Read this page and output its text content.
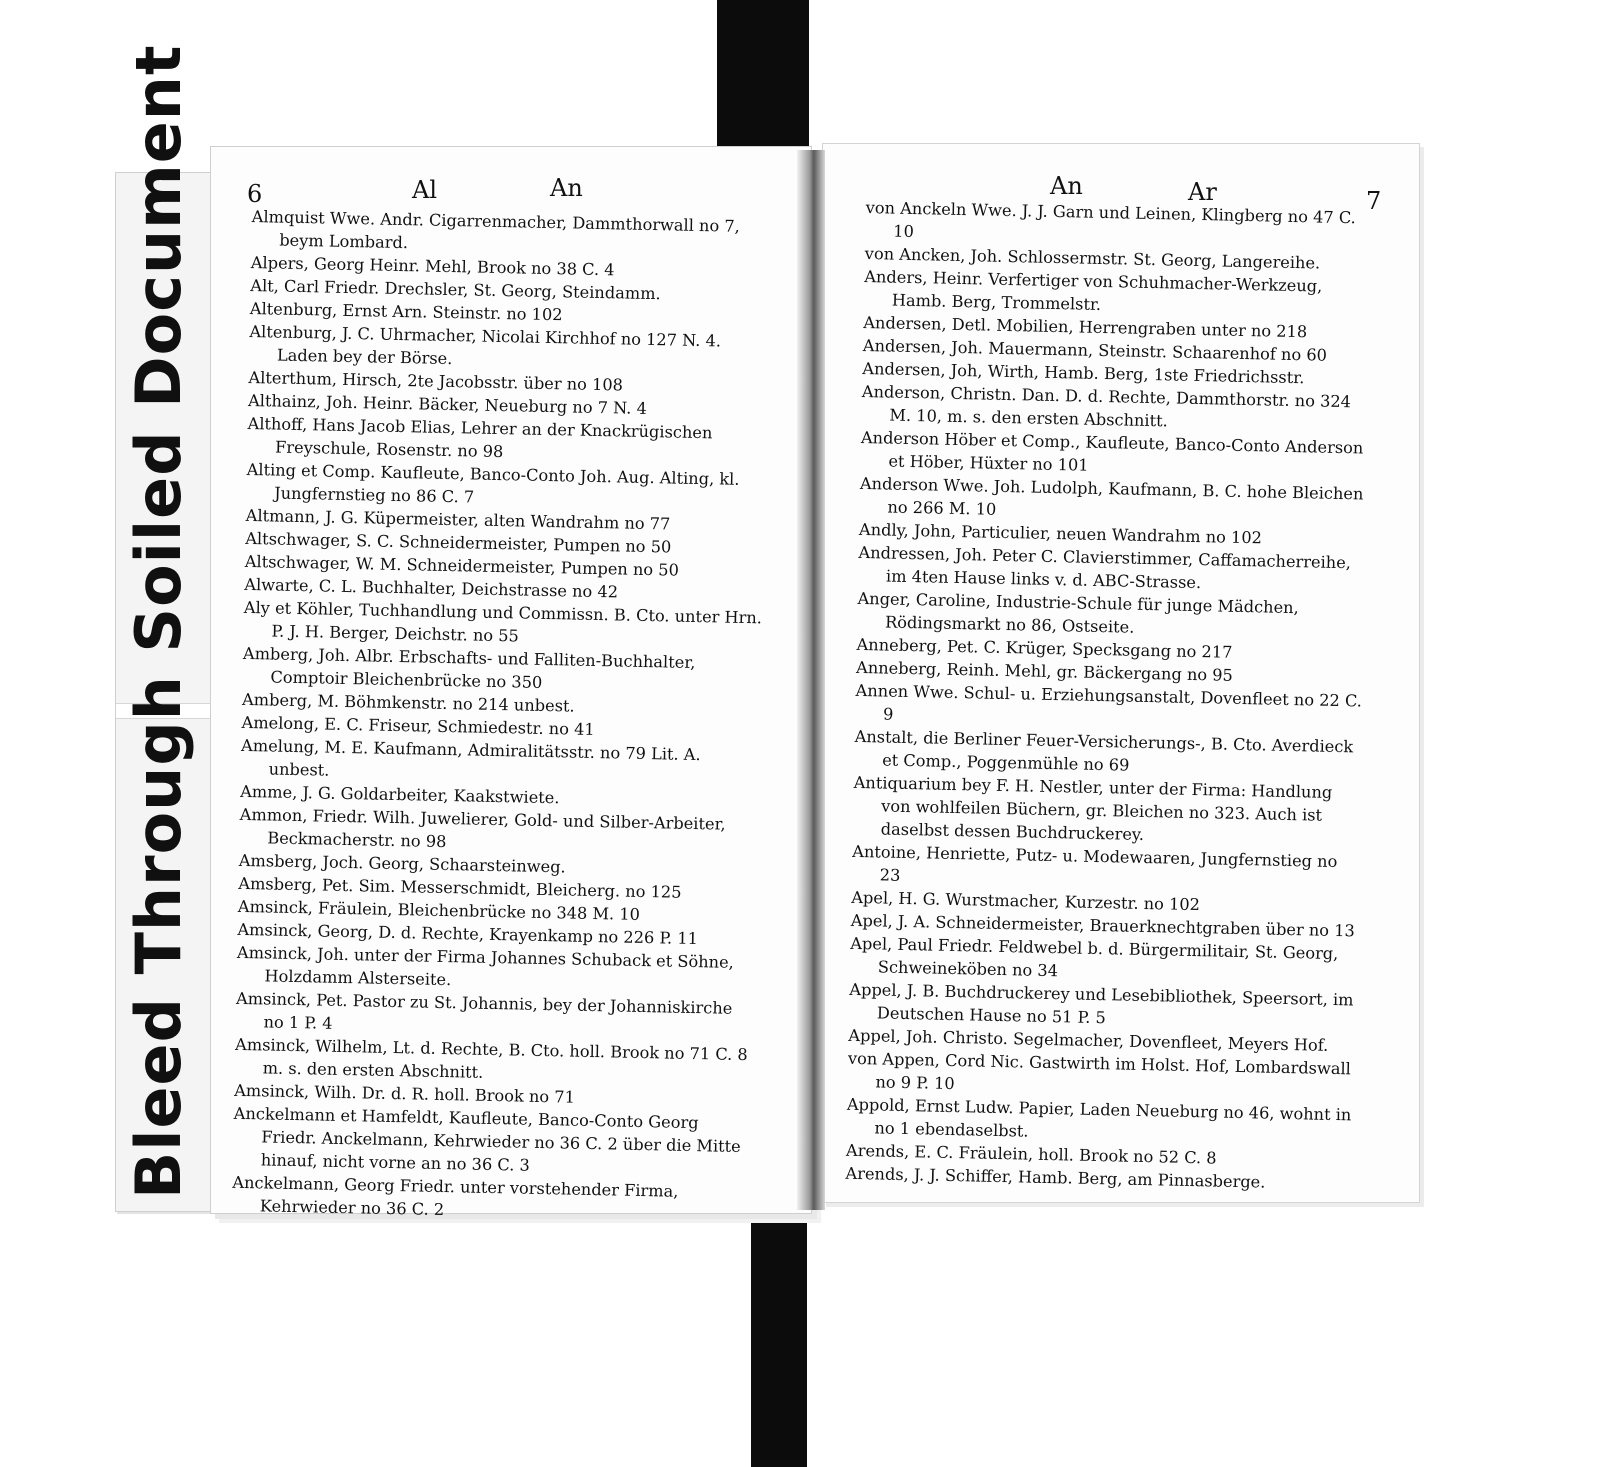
Bleed Through Soiled Document 6	Al	An	An	Ar	7
Almquist Wwe. Andr. Cigarrenmacher, Dammthorwall no 7, beym Lombard.
Alpers, Georg Heinr. Mehl, Brook no 38 C. 4
Alt, Carl Friedr. Drechsler, St. Georg, Steindamm.
Altenburg, Ernst Arn. Steinstr. no 102
Altenburg, J. C. Uhrmacher, Nicolai Kirchhof no 127 N. 4. Laden bey der Börse.
Alterthum, Hirsch, 2te Jacobsstr. über no 108
Althainz, Joh. Heinr. Bäcker, Neueburg no 7 N. 4
Althoff, Hans Jacob Elias, Lehrer an der Knackrügischen Freyschule, Rosenstr. no 98
Alting et Comp. Kaufleute, Banco-Conto Joh. Aug. Alting, kl. Jungfernstieg no 86 C. 7
Altmann, J. G. Küpermeister, alten Wandrahm no 77
Altschwager, S. C. Schneidermeister, Pumpen no 50
Altschwager, W. M. Schneidermeister, Pumpen no 50
Alwarte, C. L. Buchhalter, Deichstrasse no 42
Aly et Köhler, Tuchhandlung und Commissn. B. Cto. unter Hrn. P. J. H. Berger, Deichstr. no 55
Amberg, Joh. Albr. Erbschafts- und Falliten-Buchhalter, Comptoir Bleichenbrücke no 350
Amberg, M. Böhmkenstr. no 214 unbest.
Amelong, E. C. Friseur, Schmiedestr. no 41
Amelung, M. E. Kaufmann, Admiralitätsstr. no 79 Lit. A. unbest.
Amme, J. G. Goldarbeiter, Kaakstwiete.
Ammon, Friedr. Wilh. Juwelierer, Gold- und Silber-Arbeiter, Beckmacherstr. no 98
Amsberg, Joch. Georg, Schaarsteinweg.
Amsberg, Pet. Sim. Messerschmidt, Bleicherg. no 125
Amsinck, Fräulein, Bleichenbrücke no 348 M. 10
Amsinck, Georg, D. d. Rechte, Krayenkamp no 226 P. 11
Amsinck, Joh. unter der Firma Johannes Schuback et Söhne, Holzdamm Alsterseite.
Amsinck, Pet. Pastor zu St. Johannis, bey der Johanniskirche no 1 P. 4
Amsinck, Wilhelm, Lt. d. Rechte, B. Cto. holl. Brook no 71 C. 8 m. s. den ersten Abschnitt.
Amsinck, Wilh. Dr. d. R. holl. Brook no 71
Anckelmann et Hamfeldt, Kaufleute, Banco-Conto Georg Friedr. Anckelmann, Kehrwieder no 36 C. 2 über die Mitte hinauf, nicht vorne an no 36 C. 3
Anckelmann, Georg Friedr. unter vorstehender Firma, Kehrwieder no 36 C. 2
von Anckeln Wwe. J. J. Garn und Leinen, Klingberg no 47 C. 10
von Ancken, Joh. Schlossermstr. St. Georg, Langereihe.
Anders, Heinr. Verfertiger von Schuhmacher-Werkzeug, Hamb. Berg, Trommelstr.
Andersen, Detl. Mobilien, Herrengraben unter no 218
Andersen, Joh. Mauermann, Steinstr. Schaarenhof no 60
Andersen, Joh, Wirth, Hamb. Berg, 1ste Friedrichsstr.
Anderson, Christn. Dan. D. d. Rechte, Dammthorstr. no 324 M. 10, m. s. den ersten Abschnitt.
Anderson Höber et Comp., Kaufleute, Banco-Conto Anderson et Höber, Hüxter no 101
Anderson Wwe. Joh. Ludolph, Kaufmann, B. C. hohe Bleichen no 266 M. 10
Andly, John, Particulier, neuen Wandrahm no 102
Andressen, Joh. Peter C. Clavierstimmer, Caffamacherreihe, im 4ten Hause links v. d. ABC-Strasse.
Anger, Caroline, Industrie-Schule für junge Mädchen, Rödingsmarkt no 86, Ostseite.
Anneberg, Pet. C. Krüger, Specksgang no 217
Anneberg, Reinh. Mehl, gr. Bäckergang no 95
Annen Wwe. Schul- u. Erziehungsanstalt, Dovenfleet no 22 C. 9
Anstalt, die Berliner Feuer-Versicherungs-, B. Cto. Averdieck et Comp., Poggenmühle no 69
Antiquarium bey F. H. Nestler, unter der Firma: Handlung von wohlfeilen Büchern, gr. Bleichen no 323. Auch ist daselbst dessen Buchdruckerey.
Antoine, Henriette, Putz- u. Modewaaren, Jungfernstieg no 23
Apel, H. G. Wurstmacher, Kurzestr. no 102
Apel, J. A. Schneidermeister, Brauerknechtgraben über no 13
Apel, Paul Friedr. Feldwebel b. d. Bürgermilitair, St. Georg, Schweineköben no 34
Appel, J. B. Buchdruckerey und Lesebibliothek, Speersort, im Deutschen Hause no 51 P. 5
Appel, Joh. Christo. Segelmacher, Dovenfleet, Meyers Hof.
von Appen, Cord Nic. Gastwirth im Holst. Hof, Lombardswall no 9 P. 10
Appold, Ernst Ludw. Papier, Laden Neueburg no 46, wohnt in no 1 ebendaselbst.
Arends, E. C. Fräulein, holl. Brook no 52 C. 8
Arends, J. J. Schiffer, Hamb. Berg, am Pinnasberge.
